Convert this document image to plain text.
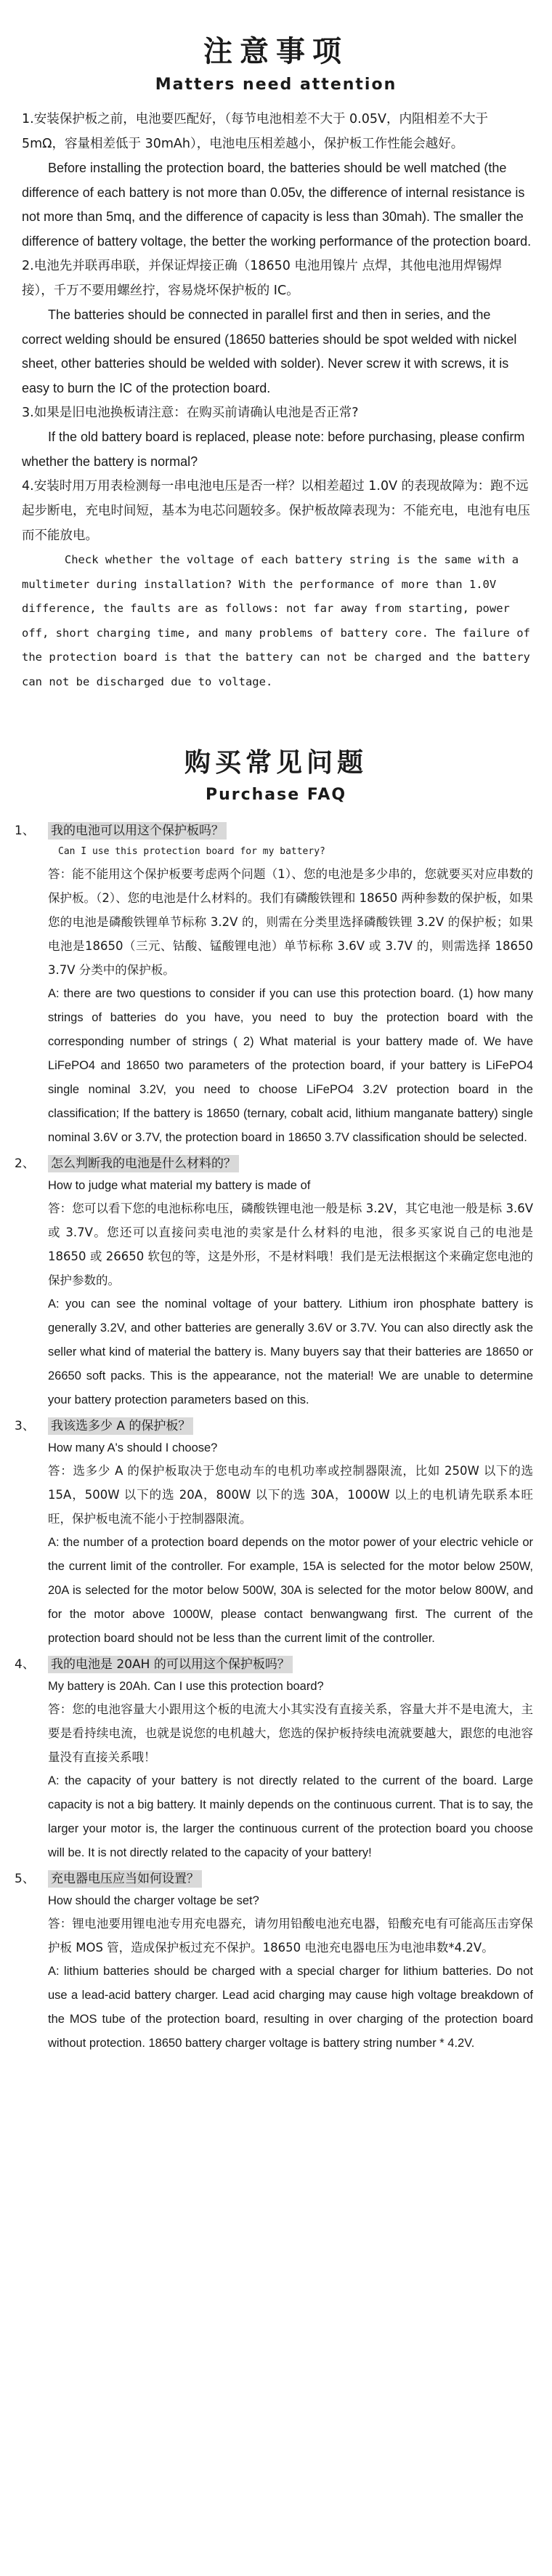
注意事项
Matters need attention

1.安装保护板之前，电池要匹配好，（每节电池相差不大于 0.05V，内阻相差不大于 5mΩ，容量相差低于 30mAh），电池电压相差越小，保护板工作性能会越好。

Before installing the protection board, the batteries should be well matched (the difference of each battery is not more than 0.05v, the difference of internal resistance is not more than 5mq, and the difference of capacity is less than 30mah). The smaller the difference of battery voltage, the better the working performance of the protection board.

2.电池先并联再串联，并保证焊接正确（18650 电池用镍片 点焊，其他电池用焊锡焊接），千万不要用螺丝拧，容易烧坏保护板的 IC。

The batteries should be connected in parallel first and then in series, and the correct welding should be ensured (18650 batteries should be spot welded with nickel sheet, other batteries should be welded with solder). Never screw it with screws, it is easy to burn the IC of the protection board.

3.如果是旧电池换板请注意：在购买前请确认电池是否正常?

If the old battery board is replaced, please note: before purchasing, please confirm whether the battery is normal?

4.安装时用万用表检测每一串电池电压是否一样？以相差超过 1.0V 的表现故障为：跑不远起步断电，充电时间短，基本为电芯问题较多。保护板故障表现为：不能充电，电池有电压而不能放电。

Check whether the voltage of each battery string is the same with a multimeter during installation? With the performance of more than 1.0V difference, the faults are as follows: not far away from starting, power off, short charging time, and many problems of battery core. The failure of the protection board is that the battery can not be charged and the battery can not be discharged due to voltage.

购买常见问题
Purchase FAQ
1、 我的电池可以用这个保护板吗？

Can I use this protection board for my battery?

答：能不能用这个保护板要考虑两个问题（1）、您的电池是多少串的，您就要买对应串数的保护板。（2）、您的电池是什么材料的。我们有磷酸铁锂和 18650 两种参数的保护板，如果您的电池是磷酸铁锂单节标称 3.2V 的，则需在分类里选择磷酸铁锂 3.2V 的保护板；如果电池是18650（三元、钴酸、锰酸锂电池）单节标称 3.6V 或 3.7V 的，则需选择 18650 3.7V 分类中的保护板。

A: there are two questions to consider if you can use this protection board. (1) how many strings of batteries do you have, you need to buy the protection board with the corresponding number of strings ( 2) What material is your battery made of. We have LiFePO4 and 18650 two parameters of the protection board, if your battery is LiFePO4 single nominal 3.2V, you need to choose LiFePO4 3.2V protection board in the classification; If the battery is 18650 (ternary, cobalt acid, lithium manganate battery) single nominal 3.6V or 3.7V, the protection board in 18650 3.7V classification should be selected.

2、 怎么判断我的电池是什么材料的？

How to judge what material my battery is made of

答：您可以看下您的电池标称电压，磷酸铁锂电池一般是标 3.2V，其它电池一般是标 3.6V 或 3.7V。您还可以直接问卖电池的卖家是什么材料的电池，很多买家说自己的电池是 18650 或 26650 软包的等，这是外形，不是材料哦！我们是无法根据这个来确定您电池的保护参数的。

A: you can see the nominal voltage of your battery. Lithium iron phosphate battery is generally 3.2V, and other batteries are generally 3.6V or 3.7V. You can also directly ask the seller what kind of material the battery is. Many buyers say that their batteries are 18650 or 26650 soft packs. This is the appearance, not the material! We are unable to determine your battery protection parameters based on this.

3、 我该选多少 A 的保护板？

How many A's should I choose?

答：选多少 A 的保护板取决于您电动车的电机功率或控制器限流，比如 250W 以下的选 15A，500W 以下的选 20A，800W 以下的选 30A，1000W 以上的电机请先联系本旺旺，保护板电流不能小于控制器限流。

A: the number of a protection board depends on the motor power of your electric vehicle or the current limit of the controller. For example, 15A is selected for the motor below 250W, 20A is selected for the motor below 500W, 30A is selected for the motor below 800W, and for the motor above 1000W, please contact benwangwang first. The current of the protection board should not be less than the current limit of the controller.

4、 我的电池是 20AH 的可以用这个保护板吗？

My battery is 20Ah. Can I use this protection board?

答：您的电池容量大小跟用这个板的电流大小其实没有直接关系，容量大并不是电流大，主要是看持续电流，也就是说您的电机越大，您选的保护板持续电流就要越大，跟您的电池容量没有直接关系哦！

A: the capacity of your battery is not directly related to the current of the board. Large capacity is not a big battery. It mainly depends on the continuous current. That is to say, the larger your motor is, the larger the continuous current of the protection board you choose will be. It is not directly related to the capacity of your battery!

5、 充电器电压应当如何设置？

How should the charger voltage be set?

答：锂电池要用锂电池专用充电器充，请勿用铅酸电池充电器，铅酸充电有可能高压击穿保护板 MOS 管，造成保护板过充不保护。18650 电池充电器电压为电池串数*4.2V。

A: lithium batteries should be charged with a special charger for lithium batteries. Do not use a lead-acid battery charger. Lead acid charging may cause high voltage breakdown of the MOS tube of the protection board, resulting in over charging of the protection board without protection. 18650 battery charger voltage is battery string number * 4.2V.
